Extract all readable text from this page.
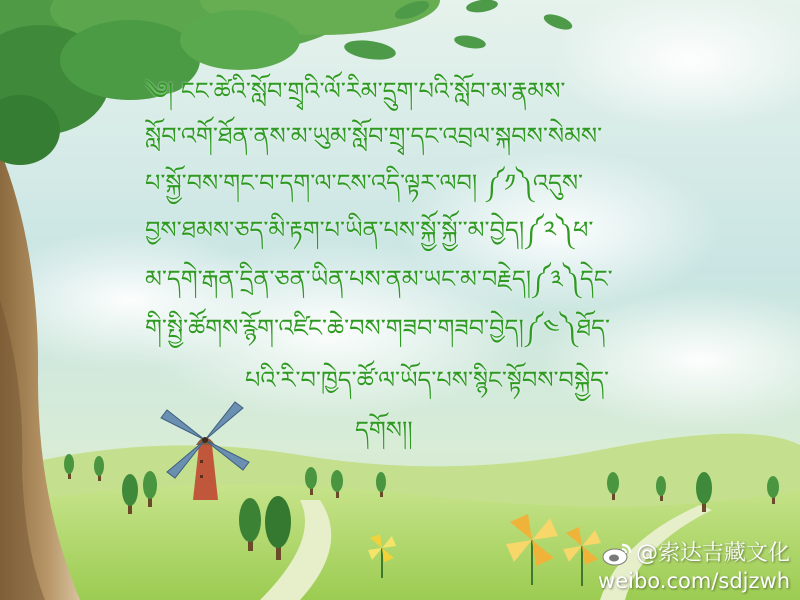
༄། ངང་ཚེའི་སློབ་གྲྭའི་ལོ་རིམ་དྲུག་པའི་སློབ་མ་རྣམས་
སློབ་འགོ་ཐོན་ནས་མ་ཡུམ་སློབ་གྲྭ་དང་འབྲལ་སྐབས་སེམས་
པ་སྐྱོ་བས་གང་བ་དག་ལ་ངས་འདི་ལྟར་ལབ། ༼༡༽འདུས་
བྱས་ཐམས་ཅད་མི་རྟག་པ་ཡིན་པས་སྐྱོ་སྐྱོ་་མ་བྱེད།༼༢༽ཕ་
མ་དགེ་རྒན་དྲིན་ཅན་ཡིན་པས་ནམ་ཡང་མ་བརྗེད།༼༣༽དེང་
གི་སྤྱི་ཚོགས་རྙོག་འཛིང་ཆེ་བས་གཟབ་གཟབ་བྱེད།༼༤༽ཐོད་
པའི་རི་བ་ཁྱེད་ཚོ་ལ་ཡོད་པས་སྙིང་སྟོབས་བསྐྱེད་
དགོས།།
@索达吉藏文化
weibo.com/sdjzwh
